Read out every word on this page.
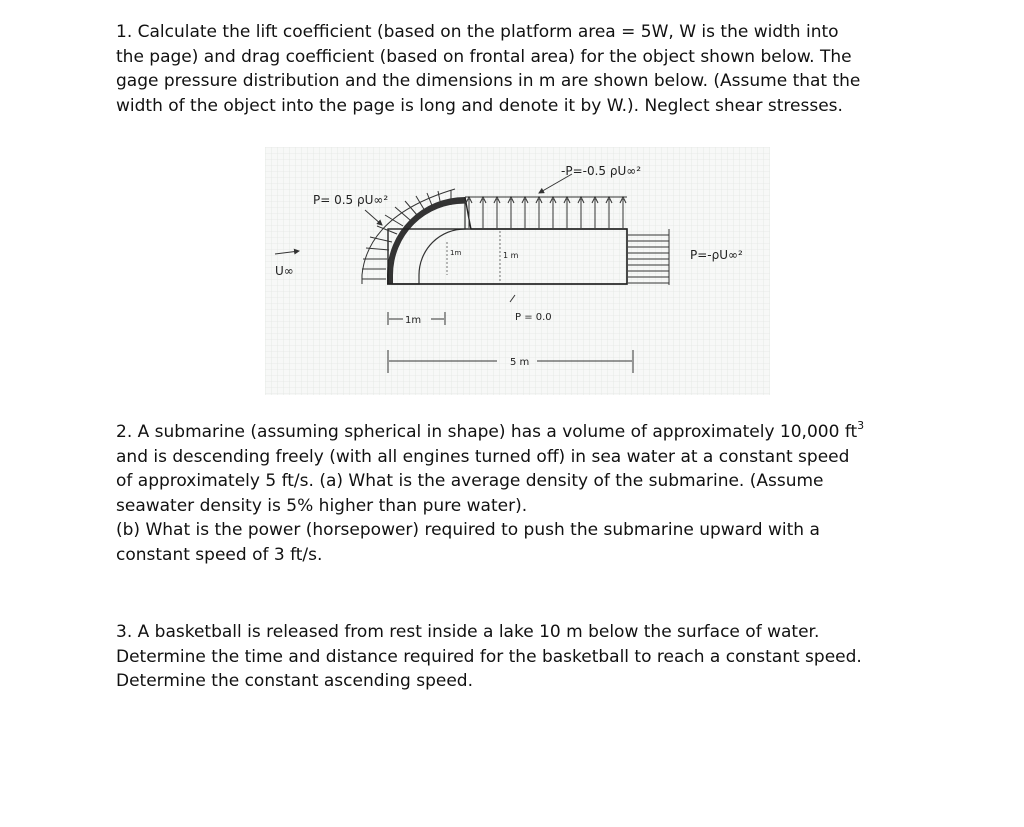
1. Calculate the lift coefficient (based on the platform area = 5W, W is the width into
the page) and drag coefficient (based on frontal area) for the object shown below. The
gage pressure distribution and the dimensions in m are shown below. (Assume that the
width of the object into the page is long and denote it by W.). Neglect shear stresses.
P= 0.5 ρU∞²
-P=-0.5 ρU∞²
P=-ρU∞²
P = 0.0
U∞
1m	1 m
1m
5 m
2. A submarine (assuming spherical in shape) has a volume of approximately 10,000 $ft^3$
and is descending freely (with all engines turned off) in sea water at a constant speed
of approximately 5 ft/s. (a) What is the average density of the submarine. (Assume
seawater density is 5% higher than pure water).
(b) What is the power (horsepower) required to push the submarine upward with a
constant speed of 3 ft/s.
3. A basketball is released from rest inside a lake 10 m below the surface of water.
Determine the time and distance required for the basketball to reach a constant speed.
Determine the constant ascending speed.
